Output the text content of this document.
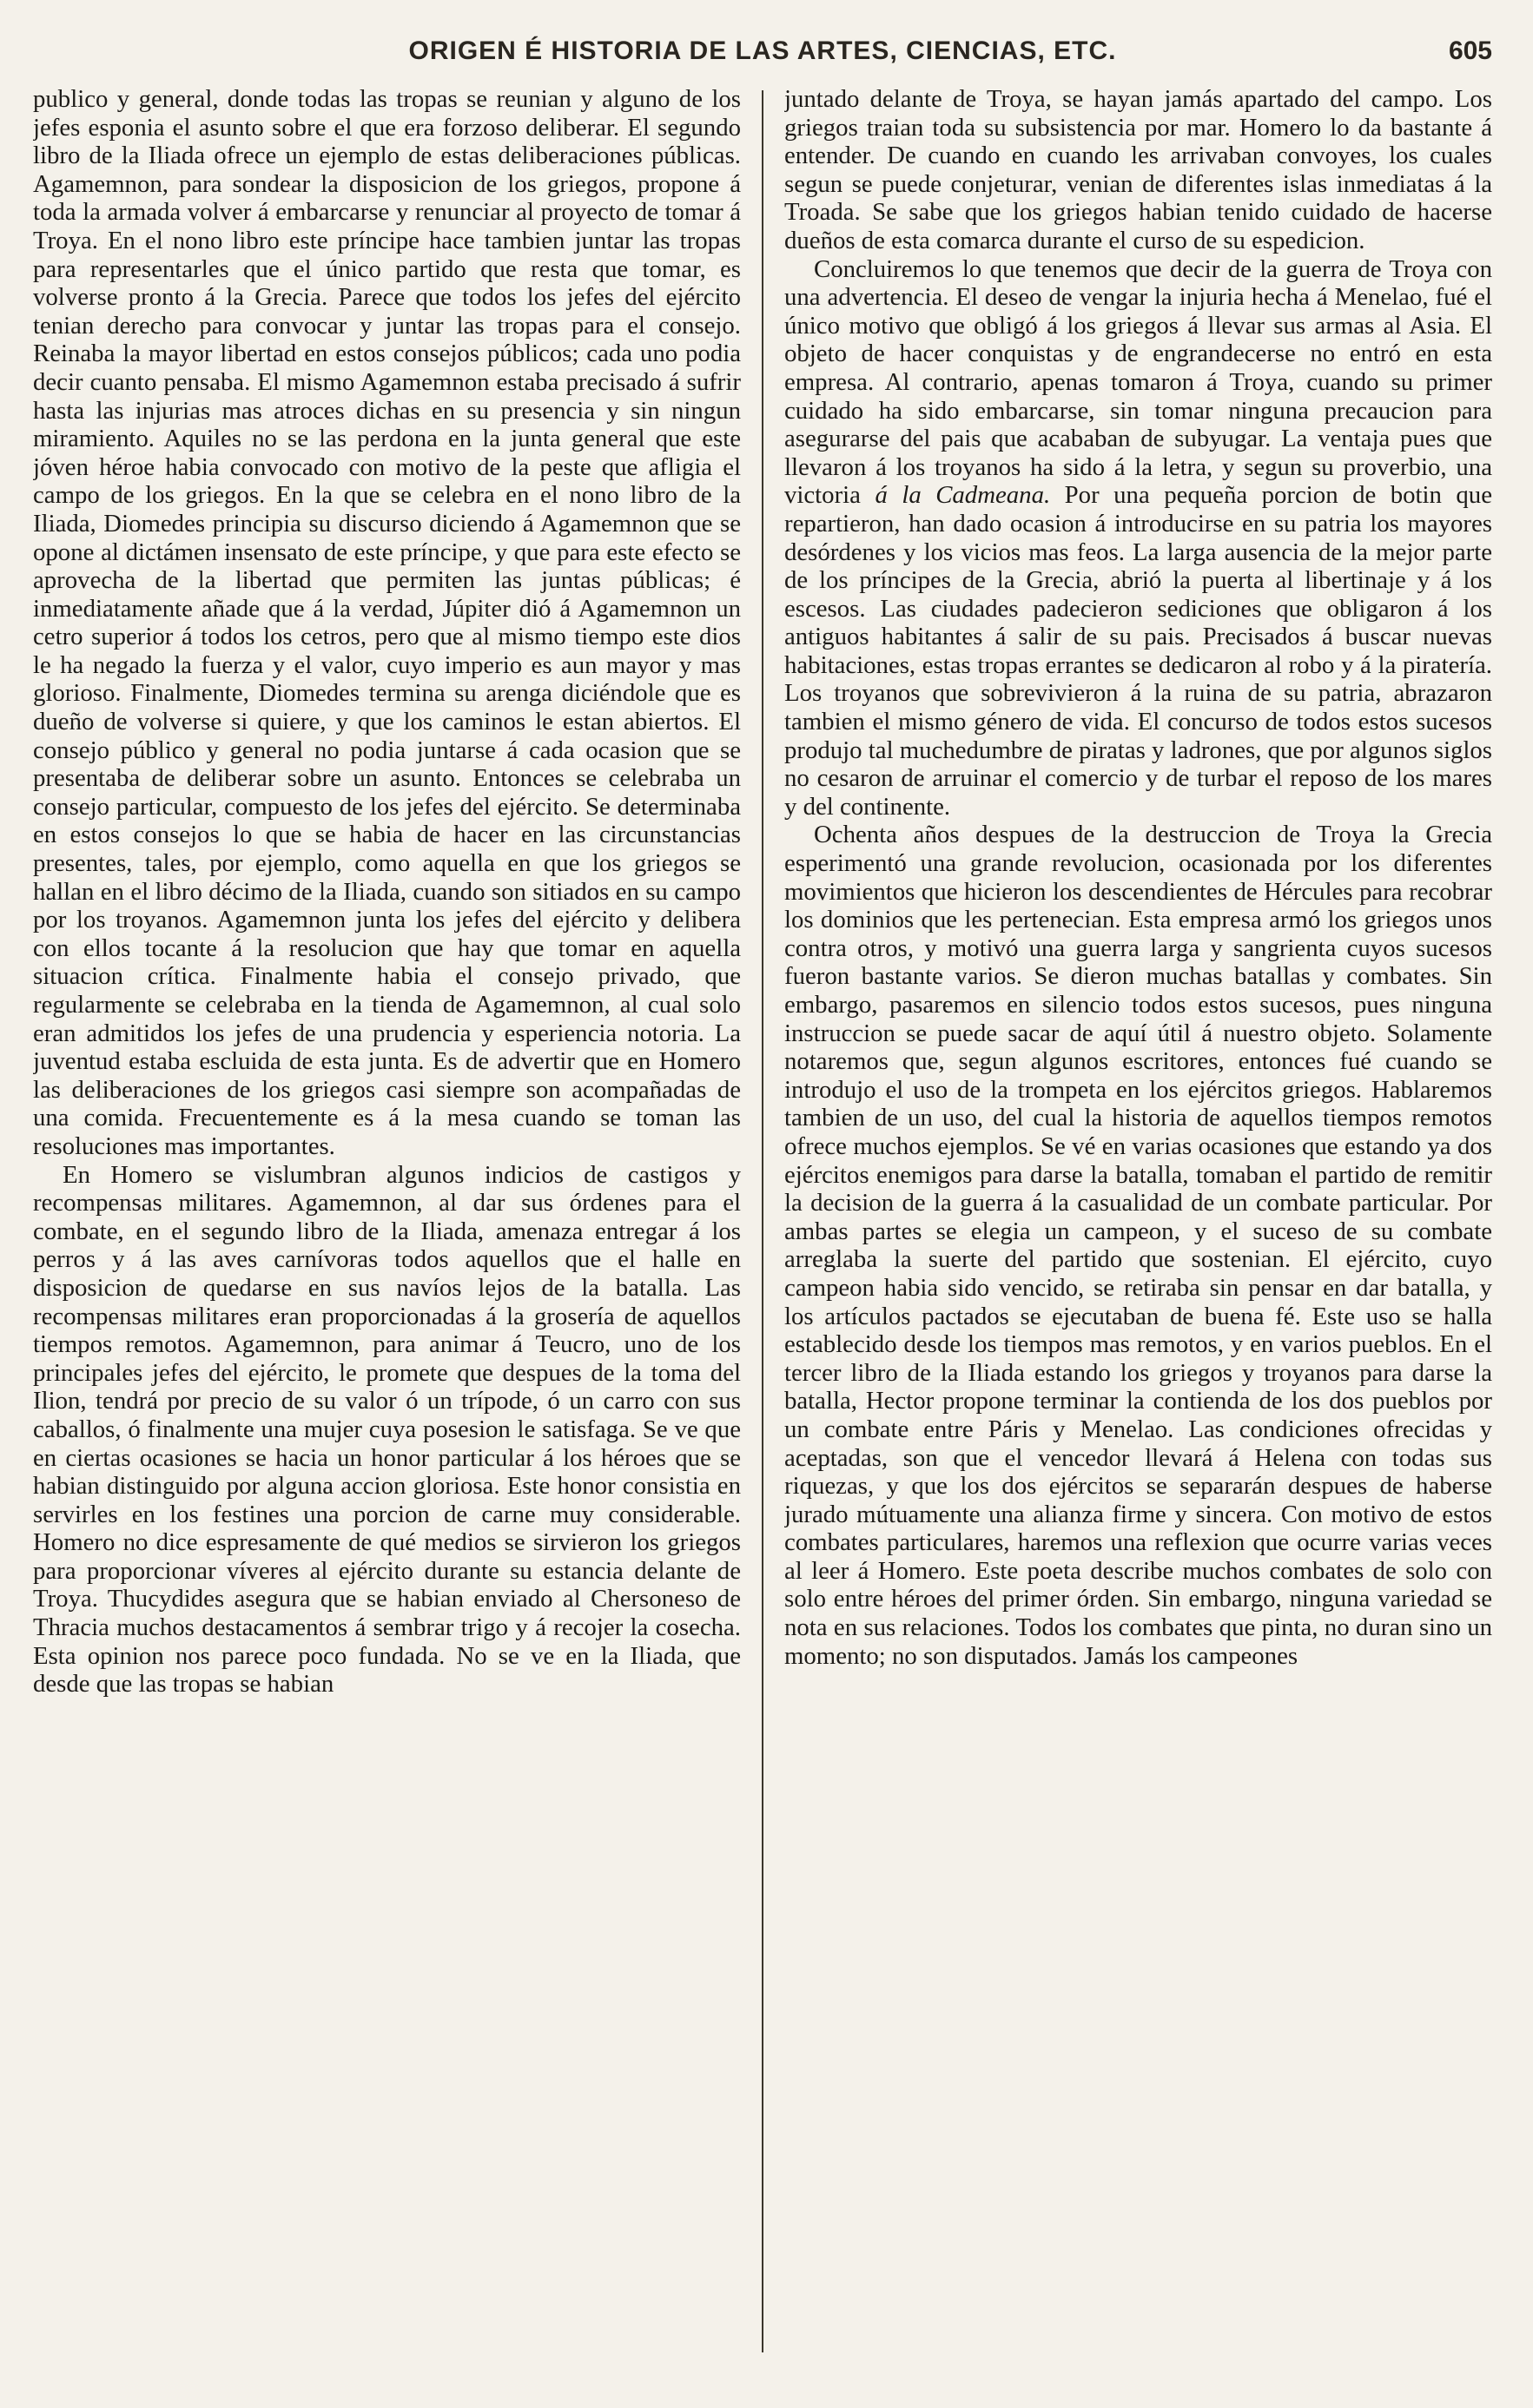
ORIGEN É HISTORIA DE LAS ARTES, CIENCIAS, ETC.	605

publico y general, donde todas las tropas se reunian y alguno de los jefes esponia el asunto sobre el que era forzoso deliberar. El segundo libro de la Iliada ofrece un ejemplo de estas deliberaciones públicas. Agamemnon, para sondear la disposicion de los griegos, propone á toda la armada volver á embarcarse y renunciar al proyecto de tomar á Troya. En el nono libro este príncipe hace tambien juntar las tropas para representarles que el único partido que resta que tomar, es volverse pronto á la Grecia. Parece que todos los jefes del ejército tenian derecho para convocar y juntar las tropas para el consejo. Reinaba la mayor libertad en estos consejos públicos; cada uno podia decir cuanto pensaba. El mismo Agamemnon estaba precisado á sufrir hasta las injurias mas atroces dichas en su presencia y sin ningun miramiento. Aquiles no se las perdona en la junta general que este jóven héroe habia convocado con motivo de la peste que afligia el campo de los griegos. En la que se celebra en el nono libro de la Iliada, Diomedes principia su discurso diciendo á Agamemnon que se opone al dictámen insensato de este príncipe, y que para este efecto se aprovecha de la libertad que permiten las juntas públicas; é inmediatamente añade que á la verdad, Júpiter dió á Agamemnon un cetro superior á todos los cetros, pero que al mismo tiempo este dios le ha negado la fuerza y el valor, cuyo imperio es aun mayor y mas glorioso. Finalmente, Diomedes termina su arenga diciéndole que es dueño de volverse si quiere, y que los caminos le estan abiertos. El consejo público y general no podia juntarse á cada ocasion que se presentaba de deliberar sobre un asunto. Entonces se celebraba un consejo particular, compuesto de los jefes del ejército. Se determinaba en estos consejos lo que se habia de hacer en las circunstancias presentes, tales, por ejemplo, como aquella en que los griegos se hallan en el libro décimo de la Iliada, cuando son sitiados en su campo por los troyanos. Agamemnon junta los jefes del ejército y delibera con ellos tocante á la resolucion que hay que tomar en aquella situacion crítica. Finalmente habia el consejo privado, que regularmente se celebraba en la tienda de Agamemnon, al cual solo eran admitidos los jefes de una prudencia y esperiencia notoria. La juventud estaba escluida de esta junta. Es de advertir que en Homero las deliberaciones de los griegos casi siempre son acompañadas de una comida. Frecuentemente es á la mesa cuando se toman las resoluciones mas importantes.

En Homero se vislumbran algunos indicios de castigos y recompensas militares. Agamemnon, al dar sus órdenes para el combate, en el segundo libro de la Iliada, amenaza entregar á los perros y á las aves carnívoras todos aquellos que el halle en disposicion de quedarse en sus navíos lejos de la batalla. Las recompensas militares eran proporcionadas á la grosería de aquellos tiempos remotos. Agamemnon, para animar á Teucro, uno de los principales jefes del ejército, le promete que despues de la toma del Ilion, tendrá por precio de su valor ó un trípode, ó un carro con sus caballos, ó finalmente una mujer cuya posesion le satisfaga. Se ve que en ciertas ocasiones se hacia un honor particular á los héroes que se habian distinguido por alguna accion gloriosa. Este honor consistia en servirles en los festines una porcion de carne muy considerable. Homero no dice espresamente de qué medios se sirvieron los griegos para proporcionar víveres al ejército durante su estancia delante de Troya. Thucydides asegura que se habian enviado al Chersoneso de Thracia muchos destacamentos á sembrar trigo y á recojer la cosecha. Esta opinion nos parece poco fundada. No se ve en la Iliada, que desde que las tropas se habian

juntado delante de Troya, se hayan jamás apartado del campo. Los griegos traian toda su subsistencia por mar. Homero lo da bastante á entender. De cuando en cuando les arrivaban convoyes, los cuales segun se puede conjeturar, venian de diferentes islas inmediatas á la Troada. Se sabe que los griegos habian tenido cuidado de hacerse dueños de esta comarca durante el curso de su espedicion.

Concluiremos lo que tenemos que decir de la guerra de Troya con una advertencia. El deseo de vengar la injuria hecha á Menelao, fué el único motivo que obligó á los griegos á llevar sus armas al Asia. El objeto de hacer conquistas y de engrandecerse no entró en esta empresa. Al contrario, apenas tomaron á Troya, cuando su primer cuidado ha sido embarcarse, sin tomar ninguna precaucion para asegurarse del pais que acababan de subyugar. La ventaja pues que llevaron á los troyanos ha sido á la letra, y segun su proverbio, una victoria á la Cadmeana. Por una pequeña porcion de botin que repartieron, han dado ocasion á introducirse en su patria los mayores desórdenes y los vicios mas feos. La larga ausencia de la mejor parte de los príncipes de la Grecia, abrió la puerta al libertinaje y á los escesos. Las ciudades padecieron sediciones que obligaron á los antiguos habitantes á salir de su pais. Precisados á buscar nuevas habitaciones, estas tropas errantes se dedicaron al robo y á la piratería. Los troyanos que sobrevivieron á la ruina de su patria, abrazaron tambien el mismo género de vida. El concurso de todos estos sucesos produjo tal muchedumbre de piratas y ladrones, que por algunos siglos no cesaron de arruinar el comercio y de turbar el reposo de los mares y del continente.

Ochenta años despues de la destruccion de Troya la Grecia esperimentó una grande revolucion, ocasionada por los diferentes movimientos que hicieron los descendientes de Hércules para recobrar los dominios que les pertenecian. Esta empresa armó los griegos unos contra otros, y motivó una guerra larga y sangrienta cuyos sucesos fueron bastante varios. Se dieron muchas batallas y combates. Sin embargo, pasaremos en silencio todos estos sucesos, pues ninguna instruccion se puede sacar de aquí útil á nuestro objeto. Solamente notaremos que, segun algunos escritores, entonces fué cuando se introdujo el uso de la trompeta en los ejércitos griegos. Hablaremos tambien de un uso, del cual la historia de aquellos tiempos remotos ofrece muchos ejemplos. Se vé en varias ocasiones que estando ya dos ejércitos enemigos para darse la batalla, tomaban el partido de remitir la decision de la guerra á la casualidad de un combate particular. Por ambas partes se elegia un campeon, y el suceso de su combate arreglaba la suerte del partido que sostenian. El ejército, cuyo campeon habia sido vencido, se retiraba sin pensar en dar batalla, y los artículos pactados se ejecutaban de buena fé. Este uso se halla establecido desde los tiempos mas remotos, y en varios pueblos. En el tercer libro de la Iliada estando los griegos y troyanos para darse la batalla, Hector propone terminar la contienda de los dos pueblos por un combate entre Páris y Menelao. Las condiciones ofrecidas y aceptadas, son que el vencedor llevará á Helena con todas sus riquezas, y que los dos ejércitos se separarán despues de haberse jurado mútuamente una alianza firme y sincera. Con motivo de estos combates particulares, haremos una reflexion que ocurre varias veces al leer á Homero. Este poeta describe muchos combates de solo con solo entre héroes del primer órden. Sin embargo, ninguna variedad se nota en sus relaciones. Todos los combates que pinta, no duran sino un momento; no son disputados. Jamás los campeones
